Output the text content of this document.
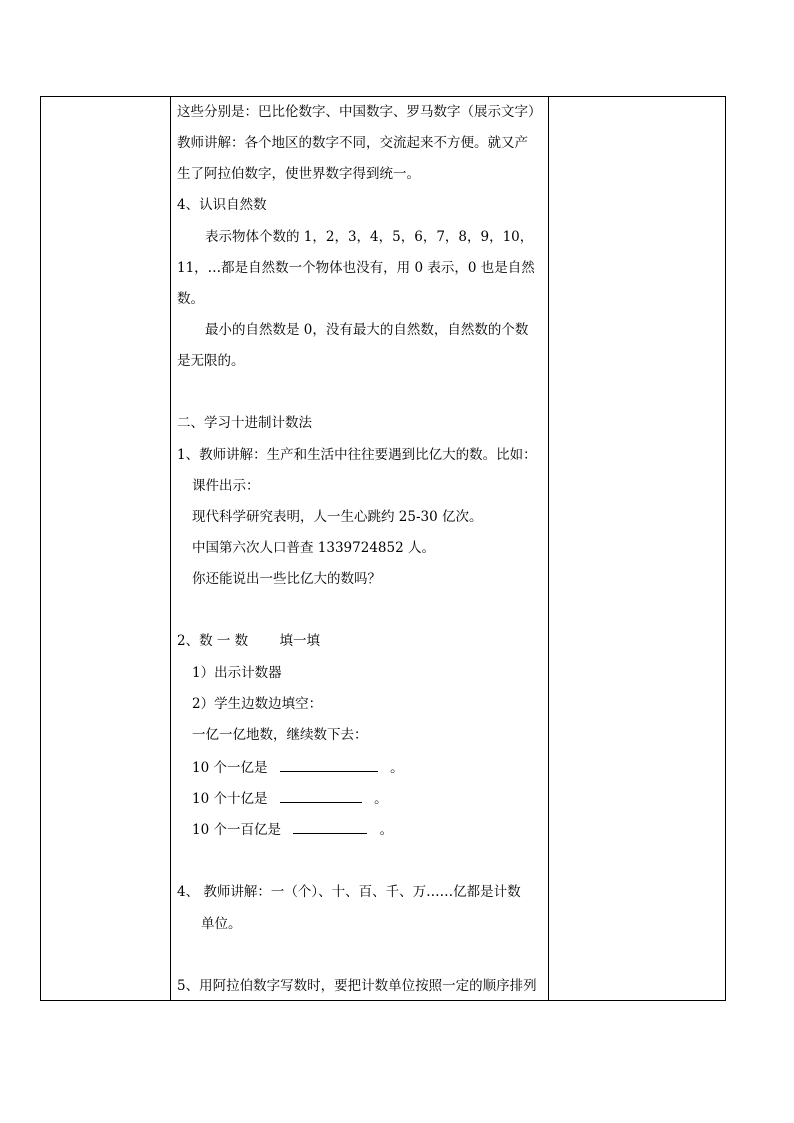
这些分别是：巴比伦数字、中国数字、罗马数字（展示文字）
教师讲解：各个地区的数字不同，交流起来不方便。就又产
生了阿拉伯数字，使世界数字得到统一。
4、认识自然数
表示物体个数的 1，2，3，4，5，6，7，8，9，10，
11，…都是自然数一个物体也没有，用 0 表示，0 也是自然
数。
最小的自然数是 0，没有最大的自然数，自然数的个数
是无限的。
二、学习十进制计数法
1、教师讲解：生产和生活中往往要遇到比亿大的数。比如：
课件出示：
现代科学研究表明，人一生心跳约 25-30 亿次。
中国第六次人口普查 1339724852 人。
你还能说出一些比亿大的数吗？
2、数 一 数　　 填一填
1）出示计数器
2）学生边数边填空：
一亿一亿地数，继续数下去：
10 个一亿是	。
10 个十亿是	。
10 个一百亿是	。
4、 教师讲解：一（个）、十、百、千、万……亿都是计数
单位。
5、用阿拉伯数字写数时，要把计数单位按照一定的顺序排列
